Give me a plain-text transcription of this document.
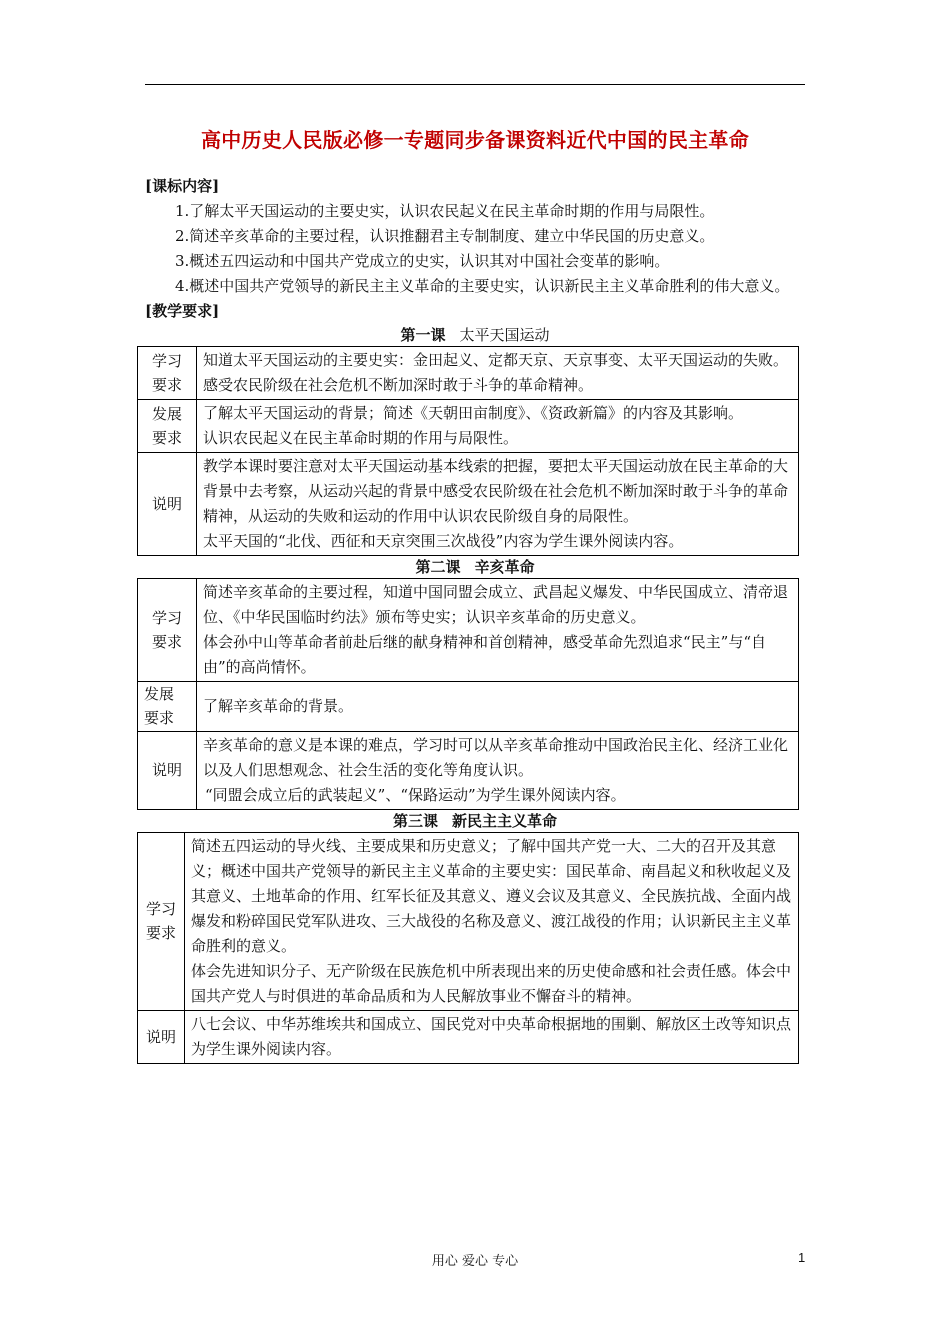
高中历史人民版必修一专题同步备课资料近代中国的民主革命
[课标内容]
1.了解太平天国运动的主要史实，认识农民起义在民主革命时期的作用与局限性。
2.简述辛亥革命的主要过程，认识推翻君主专制制度、建立中华民国的历史意义。
3.概述五四运动和中国共产党成立的史实，认识其对中国社会变革的影响。
4.概述中国共产党领导的新民主主义革命的主要史实，认识新民主主义革命胜利的伟大意义。
[教学要求]
第一课 太平天国运动
学习要求	知道太平天国运动的主要史实：金田起义、定都天京、天京事变、太平天国运动的失败。
感受农民阶级在社会危机不断加深时敢于斗争的革命精神。

发展要求	了解太平天国运动的背景；简述《天朝田亩制度》、《资政新篇》的内容及其影响。
认识农民起义在民主革命时期的作用与局限性。

说明	教学本课时要注意对太平天国运动基本线索的把握，要把太平天国运动放在民主革命的大背景中去考察，从运动兴起的背景中感受农民阶级在社会危机不断加深时敢于斗争的革命精神，从运动的失败和运动的作用中认识农民阶级自身的局限性。
太平天国的“北伐、西征和天京突围三次战役”内容为学生课外阅读内容。
第二课 辛亥革命
学习要求	简述辛亥革命的主要过程，知道中国同盟会成立、武昌起义爆发、中华民国成立、清帝退位、《中华民国临时约法》颁布等史实；认识辛亥革命的历史意义。
体会孙中山等革命者前赴后继的献身精神和首创精神，感受革命先烈追求“民主”与“自由”的高尚情怀。

发展要求	了解辛亥革命的背景。

说明	辛亥革命的意义是本课的难点，学习时可以从辛亥革命推动中国政治民主化、经济工业化以及人们思想观念、社会生活的变化等角度认识。
“同盟会成立后的武装起义”、“保路运动”为学生课外阅读内容。
第三课 新民主主义革命
学习要求	简述五四运动的导火线、主要成果和历史意义；了解中国共产党一大、二大的召开及其意义；概述中国共产党领导的新民主主义革命的主要史实：国民革命、南昌起义和秋收起义及其意义、土地革命的作用、红军长征及其意义、遵义会议及其意义、全民族抗战、全面内战爆发和粉碎国民党军队进攻、三大战役的名称及意义、渡江战役的作用；认识新民主主义革命胜利的意义。
体会先进知识分子、无产阶级在民族危机中所表现出来的历史使命感和社会责任感。体会中国共产党人与时俱进的革命品质和为人民解放事业不懈奋斗的精神。

说明	八七会议、中华苏维埃共和国成立、国民党对中央革命根据地的围剿、解放区土改等知识点为学生课外阅读内容。
用心 爱心 专心	1
